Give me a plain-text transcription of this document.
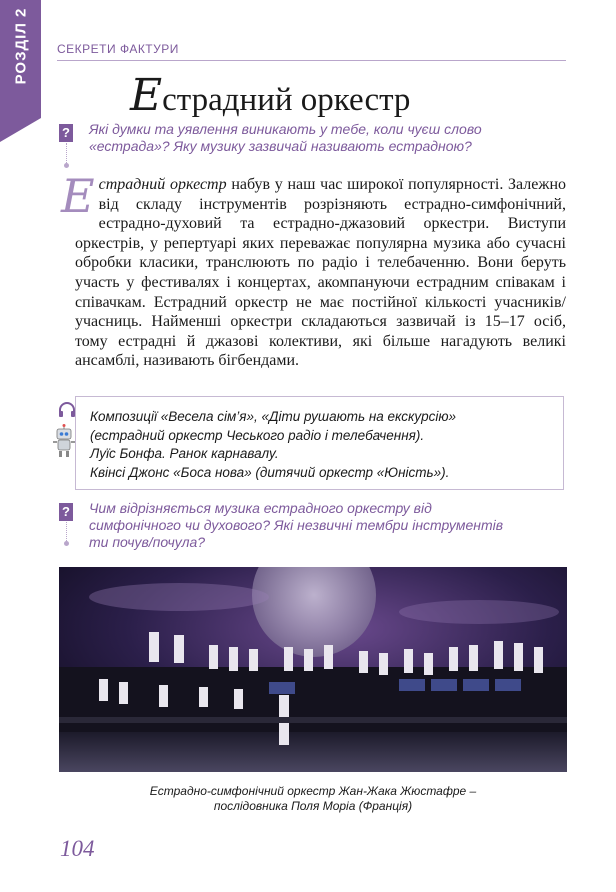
РОЗДІЛ 2 СЕКРЕТИ ФАКТУРИ
Естрадний оркестр
? Які думки та уявлення виникають у тебе, коли чуєш слово
«естрада»? Яку музику зазвичай називають естрадною?

Естрадний оркестр набув у наш час широкої популярності. Залежно від складу інструментів розрізняють естрадно-симфонічний, естрадно-духовий та естрадно-джазовий оркестри. Виступи оркестрів, у репертуарі яких переважає популярна музика або сучасні обробки класики, транслюють по радіо і телебаченню. Вони беруть участь у фестивалях і концертах, акомпануючи естрадним співакам і співачкам. Естрадний оркестр не має постійної кількості учасників/учасниць. Найменші оркестри складаються зазвичай із 15–17 осіб, тому естрадні й джазові колективи, які більше нагадують великі ансамблі, називають бігбендами.

Композиції «Весела сім’я», «Діти рушають на екскурсію»
(естрадний оркестр Чеського радіо і телебачення).
Луїс Бонфа. Ранок карнавалу.
Квінсі Джонс «Боса нова» (дитячий оркестр «Юність»).
? Чим відрізняється музика естрадного оркестру від
симфонічного чи духового? Які незвичні тембри інструментів
ти почув/почула?

Естрадно-симфонічний оркестр Жан-Жака Жюстафре –
послідовника Поля Моріа (Франція)
104
